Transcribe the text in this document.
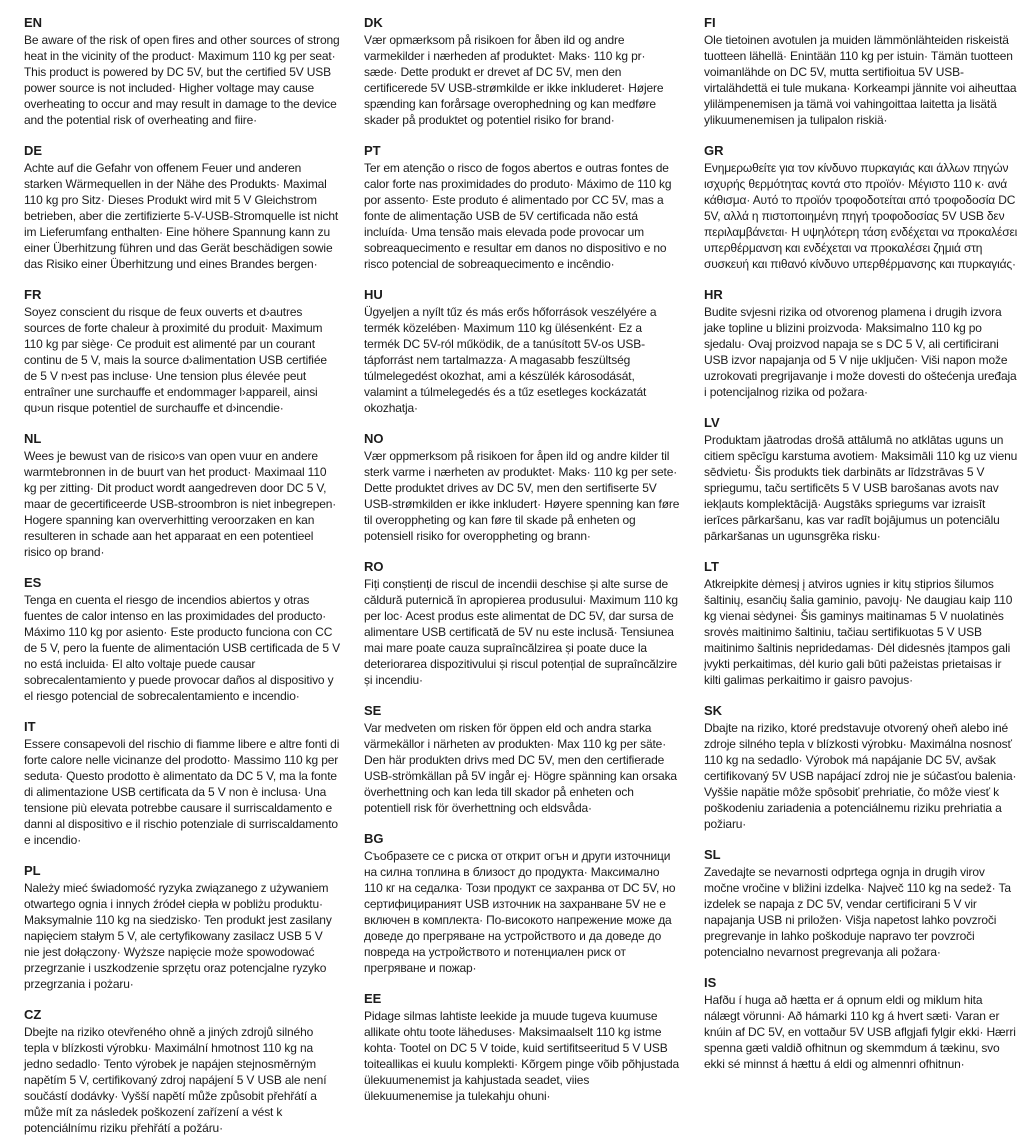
EN

Be aware of the risk of open fires and other sources of strong heat in the vicinity of the product· Maximum 110 kg per seat· This product is powered by DC 5V, but the certified 5V USB power source is not included· Higher voltage may cause overheating to occur and may result in damage to the device and the potential risk of overheating and fiire·

DE

Achte auf die Gefahr von offenem Feuer und anderen starken Wärmequellen in der Nähe des Produkts· Maximal 110 kg pro Sitz· Dieses Produkt wird mit 5 V Gleichstrom betrieben, aber die zertifizierte 5-V-USB-Stromquelle ist nicht im Lieferumfang enthalten· Eine höhere Spannung kann zu einer Überhitzung führen und das Gerät beschädigen sowie das Risiko einer Überhitzung und eines Brandes bergen·

FR

Soyez conscient du risque de feux ouverts et d›autres sources de forte chaleur à proximité du produit· Maximum 110 kg par siège· Ce produit est alimenté par un courant continu de 5 V, mais la source d›alimentation USB certifiée de 5 V n›est pas incluse· Une tension plus élevée peut entraîner une surchauffe et endommager l›appareil, ainsi qu›un risque potentiel de surchauffe et d›incendie·

NL

Wees je bewust van de risico›s van open vuur en andere warmtebronnen in de buurt van het product· Maximaal 110 kg per zitting· Dit product wordt aangedreven door DC 5 V, maar de gecertificeerde USB-stroombron is niet inbegrepen· Hogere spanning kan oververhitting veroorzaken en kan resulteren in schade aan het apparaat en een potentieel risico op brand·

ES

Tenga en cuenta el riesgo de incendios abiertos y otras fuentes de calor intenso en las proximidades del producto· Máximo 110 kg por asiento· Este producto funciona con CC de 5 V, pero la fuente de alimentación USB certificada de 5 V no está incluida· El alto voltaje puede causar sobrecalentamiento y puede provocar daños al dispositivo y el riesgo potencial de sobrecalentamiento e incendio·

IT

Essere consapevoli del rischio di fiamme libere e altre fonti di forte calore nelle vicinanze del prodotto· Massimo 110 kg per seduta· Questo prodotto è alimentato da DC 5 V, ma la fonte di alimentazione USB certificata da 5 V non è inclusa· Una tensione più elevata potrebbe causare il surriscaldamento e danni al dispositivo e il rischio potenziale di surriscaldamento e incendio·

PL

Należy mieć świadomość ryzyka związanego z używaniem otwartego ognia i innych źródeł ciepła w pobliżu produktu· Maksymalnie 110 kg na siedzisko· Ten produkt jest zasilany napięciem stałym 5 V, ale certyfikowany zasilacz USB 5 V nie jest dołączony· Wyższe napięcie może spowodować przegrzanie i uszkodzenie sprzętu oraz potencjalne ryzyko przegrzania i pożaru·

CZ

Dbejte na riziko otevřeného ohně a jiných zdrojů silného tepla v blízkosti výrobku· Maximální hmotnost 110 kg na jedno sedadlo· Tento výrobek je napájen stejnosměrným napětím 5 V, certifikovaný zdroj napájení 5 V USB ale není součástí dodávky· Vyšší napětí může způsobit přehřátí a může mít za následek poškození zařízení a vést k potenciálnímu riziku přehřátí a požáru·

DK

Vær opmærksom på risikoen for åben ild og andre varmekilder i nærheden af produktet· Maks· 110 kg pr· sæde· Dette produkt er drevet af DC 5V, men den certificerede 5V USB-strømkilde er ikke inkluderet· Højere spænding kan forårsage overophedning og kan medføre skader på produktet og potentiel risiko for brand·

PT

Ter em atenção o risco de fogos abertos e outras fontes de calor forte nas proximidades do produto· Máximo de 110 kg por assento· Este produto é alimentado por CC 5V, mas a fonte de alimentação USB de 5V certificada não está incluída· Uma tensão mais elevada pode provocar um sobreaquecimento e resultar em danos no dispositivo e no risco potencial de sobreaquecimento e incêndio·

HU

Ügyeljen a nyílt tűz és más erős hőforrások veszélyére a termék közelében· Maximum 110 kg ülésenként· Ez a termék DC 5V-ról működik, de a tanúsított 5V-os USB-tápforrást nem tartalmazza· A magasabb feszültség túlmelegedést okozhat, ami a készülék károsodását, valamint a túlmelegedés és a tűz esetleges kockázatát okozhatja·

NO

Vær oppmerksom på risikoen for åpen ild og andre kilder til sterk varme i nærheten av produktet· Maks· 110 kg per sete· Dette produktet drives av DC 5V, men den sertifiserte 5V USB-strømkilden er ikke inkludert· Høyere spenning kan føre til overoppheting og kan føre til skade på enheten og potensiell risiko for overoppheting og brann·

RO

Fiți conștienți de riscul de incendii deschise și alte surse de căldură puternică în apropierea produsului· Maximum 110 kg per loc· Acest produs este alimentat de DC 5V, dar sursa de alimentare USB certificată de 5V nu este inclusă· Tensiunea mai mare poate cauza supraîncălzirea și poate duce la deteriorarea dispozitivului și riscul potențial de supraîncălzire și incendiu·

SE

Var medveten om risken för öppen eld och andra starka värmekällor i närheten av produkten· Max 110 kg per säte· Den här produkten drivs med DC 5V, men den certifierade USB-strömkällan på 5V ingår ej· Högre spänning kan orsaka överhettning och kan leda till skador på enheten och potentiell risk för överhettning och eldsvåda·

BG

Съобразете се с риска от открит огън и други източници на силна топлина в близост до продукта· Максимално 110 кг на седалка· Този продукт се захранва от DC 5V, но сертифицираният USB източник на захранване 5V не е включен в комплекта· По-високото напрежение може да доведе до прегряване на устройството и да доведе до повреда на устройството и потенциален риск от прегряване и пожар·

EE

Pidage silmas lahtiste leekide ja muude tugeva kuumuse allikate ohtu toote läheduses· Maksimaalselt 110 kg istme kohta· Tootel on DC 5 V toide, kuid sertifitseeritud 5 V USB toiteallikas ei kuulu komplekti· Kõrgem pinge võib põhjustada ülekuumenemist ja kahjustada seadet, viies ülekuumenemise ja tulekahju ohuni·

FI

Ole tietoinen avotulen ja muiden lämmönlähteiden riskeistä tuotteen lähellä· Enintään 110 kg per istuin· Tämän tuotteen voimanlähde on DC 5V, mutta sertifioitua 5V USB-virtalähdettä ei tule mukana· Korkeampi jännite voi aiheuttaa ylilämpenemisen ja tämä voi vahingoittaa laitetta ja lisätä ylikuumenemisen ja tulipalon riskiä·

GR

Ενημερωθείτε για τον κίνδυνο πυρκαγιάς και άλλων πηγών ισχυρής θερμότητας κοντά στο προϊόν· Μέγιστο 110 κ· ανά κάθισμα· Αυτό το προϊόν τροφοδοτείται από τροφοδοσία DC 5V, αλλά η πιστοποιημένη πηγή τροφοδοσίας 5V USB δεν περιλαμβάνεται· Η υψηλότερη τάση ενδέχεται να προκαλέσει υπερθέρμανση και ενδέχεται να προκαλέσει ζημιά στη συσκευή και πιθανό κίνδυνο υπερθέρμανσης και πυρκαγιάς·

HR

Budite svjesni rizika od otvorenog plamena i drugih izvora jake topline u blizini proizvoda· Maksimalno 110 kg po sjedalu· Ovaj proizvod napaja se s DC 5 V, ali certificirani USB izvor napajanja od 5 V nije uključen· Viši napon može uzrokovati pregrijavanje i može dovesti do oštećenja uređaja i potencijalnog rizika od požara·

LV

Produktam jāatrodas drošā attālumā no atklātas uguns un citiem spēcīgu karstuma avotiem· Maksimāli 110 kg uz vienu sēdvietu· Šis produkts tiek darbināts ar līdzstrāvas 5 V spriegumu, taču sertificēts 5 V USB barošanas avots nav iekļauts komplektācijā· Augstāks spriegums var izraisīt ierīces pārkaršanu, kas var radīt bojājumus un potenciālu pārkaršanas un ugunsgrēka risku·

LT

Atkreipkite dėmesį į atviros ugnies ir kitų stiprios šilumos šaltinių, esančių šalia gaminio, pavojų· Ne daugiau kaip 110 kg vienai sėdynei· Šis gaminys maitinamas 5 V nuolatinės srovės maitinimo šaltiniu, tačiau sertifikuotas 5 V USB maitinimo šaltinis nepridedamas· Dėl didesnės įtampos gali įvykti perkaitimas, dėl kurio gali būti pažeistas prietaisas ir kilti galimas perkaitimo ir gaisro pavojus·

SK

Dbajte na riziko, ktoré predstavuje otvorený oheň alebo iné zdroje silného tepla v blízkosti výrobku· Maximálna nosnosť 110 kg na sedadlo· Výrobok má napájanie DC 5V, avšak certifikovaný 5V USB napájací zdroj nie je súčasťou balenia· Vyššie napätie môže spôsobiť prehriatie, čo môže viesť k poškodeniu zariadenia a potenciálnemu riziku prehriatia a požiaru·

SL

Zavedajte se nevarnosti odprtega ognja in drugih virov močne vročine v bližini izdelka· Največ 110 kg na sedež· Ta izdelek se napaja z DC 5V, vendar certificirani 5 V vir napajanja USB ni priložen· Višja napetost lahko povzroči pregrevanje in lahko poškoduje napravo ter povzroči potencialno nevarnost pregrevanja ali požara·

IS

Hafðu í huga að hætta er á opnum eldi og miklum hita nálægt vörunni· Að hámarki 110 kg á hvert sæti· Varan er knúin af DC 5V, en vottaður 5V USB aflgjafi fylgir ekki· Hærri spenna gæti valdið ofhitnun og skemmdum á tækinu, svo ekki sé minnst á hættu á eldi og almennri ofhitnun·
